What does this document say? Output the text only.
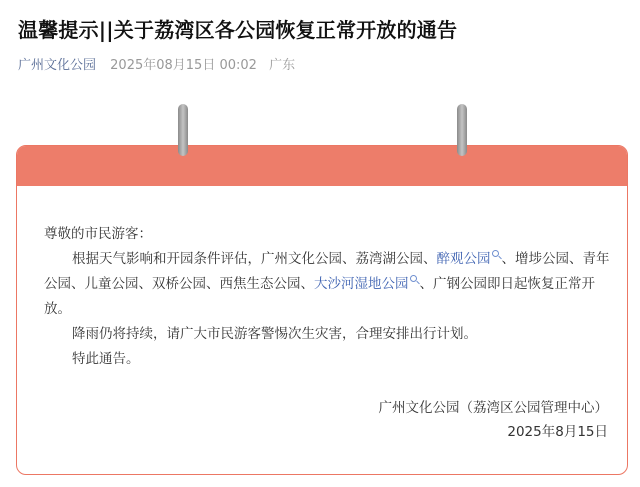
温馨提示||关于荔湾区各公园恢复正常开放的通告
广州文化公园 2025年08月15日 00:02 广东

尊敬的市民游客：

根据天气影响和开园条件评估，广州文化公园、荔湾湖公园、醉观公园 、增埗公园、青年公园、儿童公园、双桥公园、西焦生态公园、大沙河湿地公园 、广钢公园即日起恢复正常开放。

降雨仍将持续，请广大市民游客警惕次生灾害，合理安排出行计划。

特此通告。

广州文化公园（荔湾区公园管理中心）
2025年8月15日
